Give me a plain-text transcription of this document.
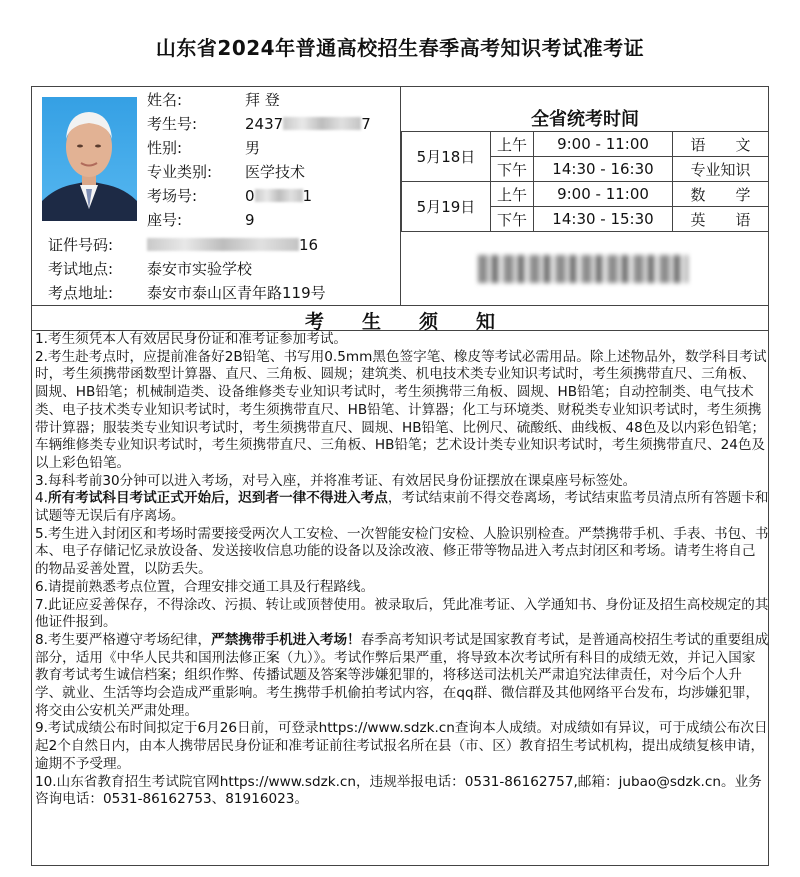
山东省2024年普通高校招生春季高考知识考试准考证
姓名:	拜 登
考生号:	2437	7
性别:	男
专业类别: 医学技术
考场号:	0	1
座号:	9
证件号码:	16
考试地点: 泰安市实验学校
考点地址: 泰安市泰山区青年路119号
全省统考时间
5月18日	上午	9:00 - 11:00	语　　文
	下午	14:30 - 16:30	专业知识
5月19日	上午	9:00 - 11:00	数　　学
	下午	14:30 - 15:30	英　　语
考生须知

1.考生须凭本人有效居民身份证和准考证参加考试。

2.考生赴考点时，应提前准备好2B铅笔、书写用0.5mm黑色签字笔、橡皮等考试必需用品。除上述物品外，数学科目考试时，考生须携带函数型计算器、直尺、三角板、圆规；建筑类、机电技术类专业知识考试时，考生须携带直尺、三角板、圆规、HB铅笔；机械制造类、设备维修类专业知识考试时，考生须携带三角板、圆规、HB铅笔；自动控制类、电气技术类、电子技术类专业知识考试时，考生须携带直尺、HB铅笔、计算器；化工与环境类、财税类专业知识考试时，考生须携带计算器；服装类专业知识考试时，考生须携带直尺、圆规、HB铅笔、比例尺、硫酸纸、曲线板、48色及以内彩色铅笔；车辆维修类专业知识考试时，考生须携带直尺、三角板、HB铅笔；艺术设计类专业知识考试时，考生须携带直尺、24色及以上彩色铅笔。

3.每科考前30分钟可以进入考场，对号入座，并将准考证、有效居民身份证摆放在课桌座号标签处。

4.所有考试科目考试正式开始后，迟到者一律不得进入考点，考试结束前不得交卷离场，考试结束监考员清点所有答题卡和试题等无误后有序离场。

5.考生进入封闭区和考场时需要接受两次人工安检、一次智能安检门安检、人脸识别检查。严禁携带手机、手表、书包、书本、电子存储记忆录放设备、发送接收信息功能的设备以及涂改液、修正带等物品进入考点封闭区和考场。请考生将自己的物品妥善处置，以防丢失。

6.请提前熟悉考点位置，合理安排交通工具及行程路线。

7.此证应妥善保存，不得涂改、污损、转让或顶替使用。被录取后，凭此准考证、入学通知书、身份证及招生高校规定的其他证件报到。

8.考生要严格遵守考场纪律，严禁携带手机进入考场！春季高考知识考试是国家教育考试，是普通高校招生考试的重要组成部分，适用《中华人民共和国刑法修正案（九）》。考试作弊后果严重，将导致本次考试所有科目的成绩无效，并记入国家教育考试考生诚信档案；组织作弊、传播试题及答案等涉嫌犯罪的，将移送司法机关严肃追究法律责任，对今后个人升学、就业、生活等均会造成严重影响。考生携带手机偷拍考试内容，在qq群、微信群及其他网络平台发布，均涉嫌犯罪，将交由公安机关严肃处理。

9.考试成绩公布时间拟定于6月26日前，可登录https://www.sdzk.cn查询本人成绩。对成绩如有异议，可于成绩公布次日起2个自然日内，由本人携带居民身份证和准考证前往考试报名所在县（市、区）教育招生考试机构，提出成绩复核申请，逾期不予受理。

10.山东省教育招生考试院官网https://www.sdzk.cn，违规举报电话：0531-86162757,邮箱：jubao@sdzk.cn。业务咨询电话：0531-86162753、81916023。
